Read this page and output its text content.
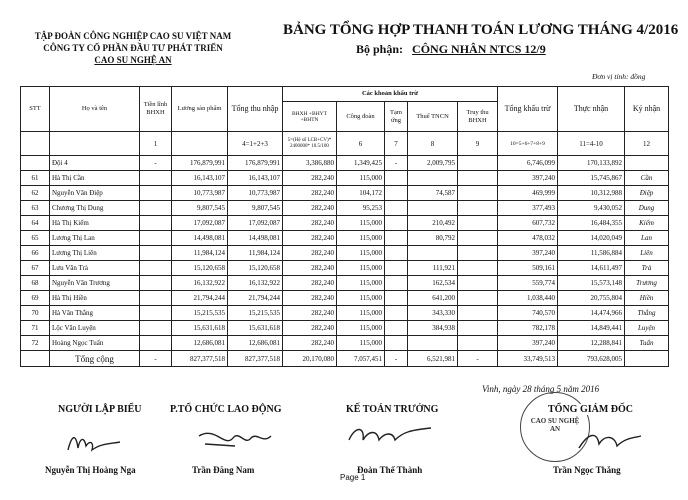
TẬP ĐOÀN CÔNG NGHIỆP CAO SU VIỆT NAM
CÔNG TY CỔ PHẦN ĐẦU TƯ PHÁT TRIỂN
CAO SU NGHỆ AN
BẢNG TỔNG HỢP THANH TOÁN LƯƠNG THÁNG 4/2016
Bộ phận: CÔNG NHÂN NTCS 12/9
Đơn vị tính: đồng
STT	Họ và tên	Tiền lĩnh BHXH	Lương sản phẩm	Tổng thu nhập	Các khoản khấu trừ					Tổng khấu trừ	Thực nhận	Ký nhận
					BHXH +BHYT +BHTN	Công đoàn	Tạm ứng	Thuế TNCN	Truy thu BHXH			
		1		4=1+2+3	5=(Hệ số LCB+CV)* 2400000* 10.5/100	6	7	8	9	10=5+6+7+8+9	11=4-10	12
	Đội 4	-	176,879,991	176,879,991	3,386,880	1,349,425	-	2,009,795		6,746,099	170,133,892	
61	Hà Thị Cần		16,143,107	16,143,107	282,240	115,000				397,240	15,745,867	Cần
62	Nguyễn Văn Điệp		10,773,987	10,773,987	282,240	104,172		74,587		469,999	10,312,988	Điệp
63	Chương Thị Dung		9,807,545	9,807,545	282,240	95,253				377,493	9,430,052	Dung
64	Hà Thị Kiểm		17,092,087	17,092,087	282,240	115,000		210,492		607,732	16,484,355	Kiểm
65	Lương Thị Lan		14,498,081	14,498,081	282,240	115,000		80,792		478,032	14,020,049	Lan
66	Lương Thị Liên		11,984,124	11,984,124	282,240	115,000				397,240	11,586,884	Liên
67	Lưu Văn Trà		15,120,658	15,120,658	282,240	115,000		111,921		509,161	14,611,497	Trà
68	Nguyễn Văn Trương		16,132,922	16,132,922	282,240	115,000		162,534		559,774	15,573,148	Trương
69	Hà Thị Hiền		21,794,244	21,794,244	282,240	115,000		641,200		1,038,440	20,755,804	Hiền
70	Hà Văn Thắng		15,215,535	15,215,535	282,240	115,000		343,330		740,570	14,474,966	Thắng
71	Lộc Văn Luyện		15,631,618	15,631,618	282,240	115,000		384,938		782,178	14,849,441	Luyện
72	Hoàng Ngọc Tuấn		12,686,081	12,686,081	282,240	115,000				397,240	12,288,841	Tuấn
	Tổng cộng	-	827,377,518	827,377,518	20,170,080	7,057,451	-	6,521,981	-	33,749,513	793,628,005	
Vinh, ngày 28 tháng 5 năm 2016
NGƯỜI LẬP BIỂU
Nguyễn Thị Hoàng Nga
P.TỔ CHỨC LAO ĐỘNG
Trần Đăng Nam
KẾ TOÁN TRƯỞNG
Đoàn Thế Thành
Page 1
CAO SU NGHỆ AN
TỔNG GIÁM ĐỐC
Trần Ngọc Thắng
